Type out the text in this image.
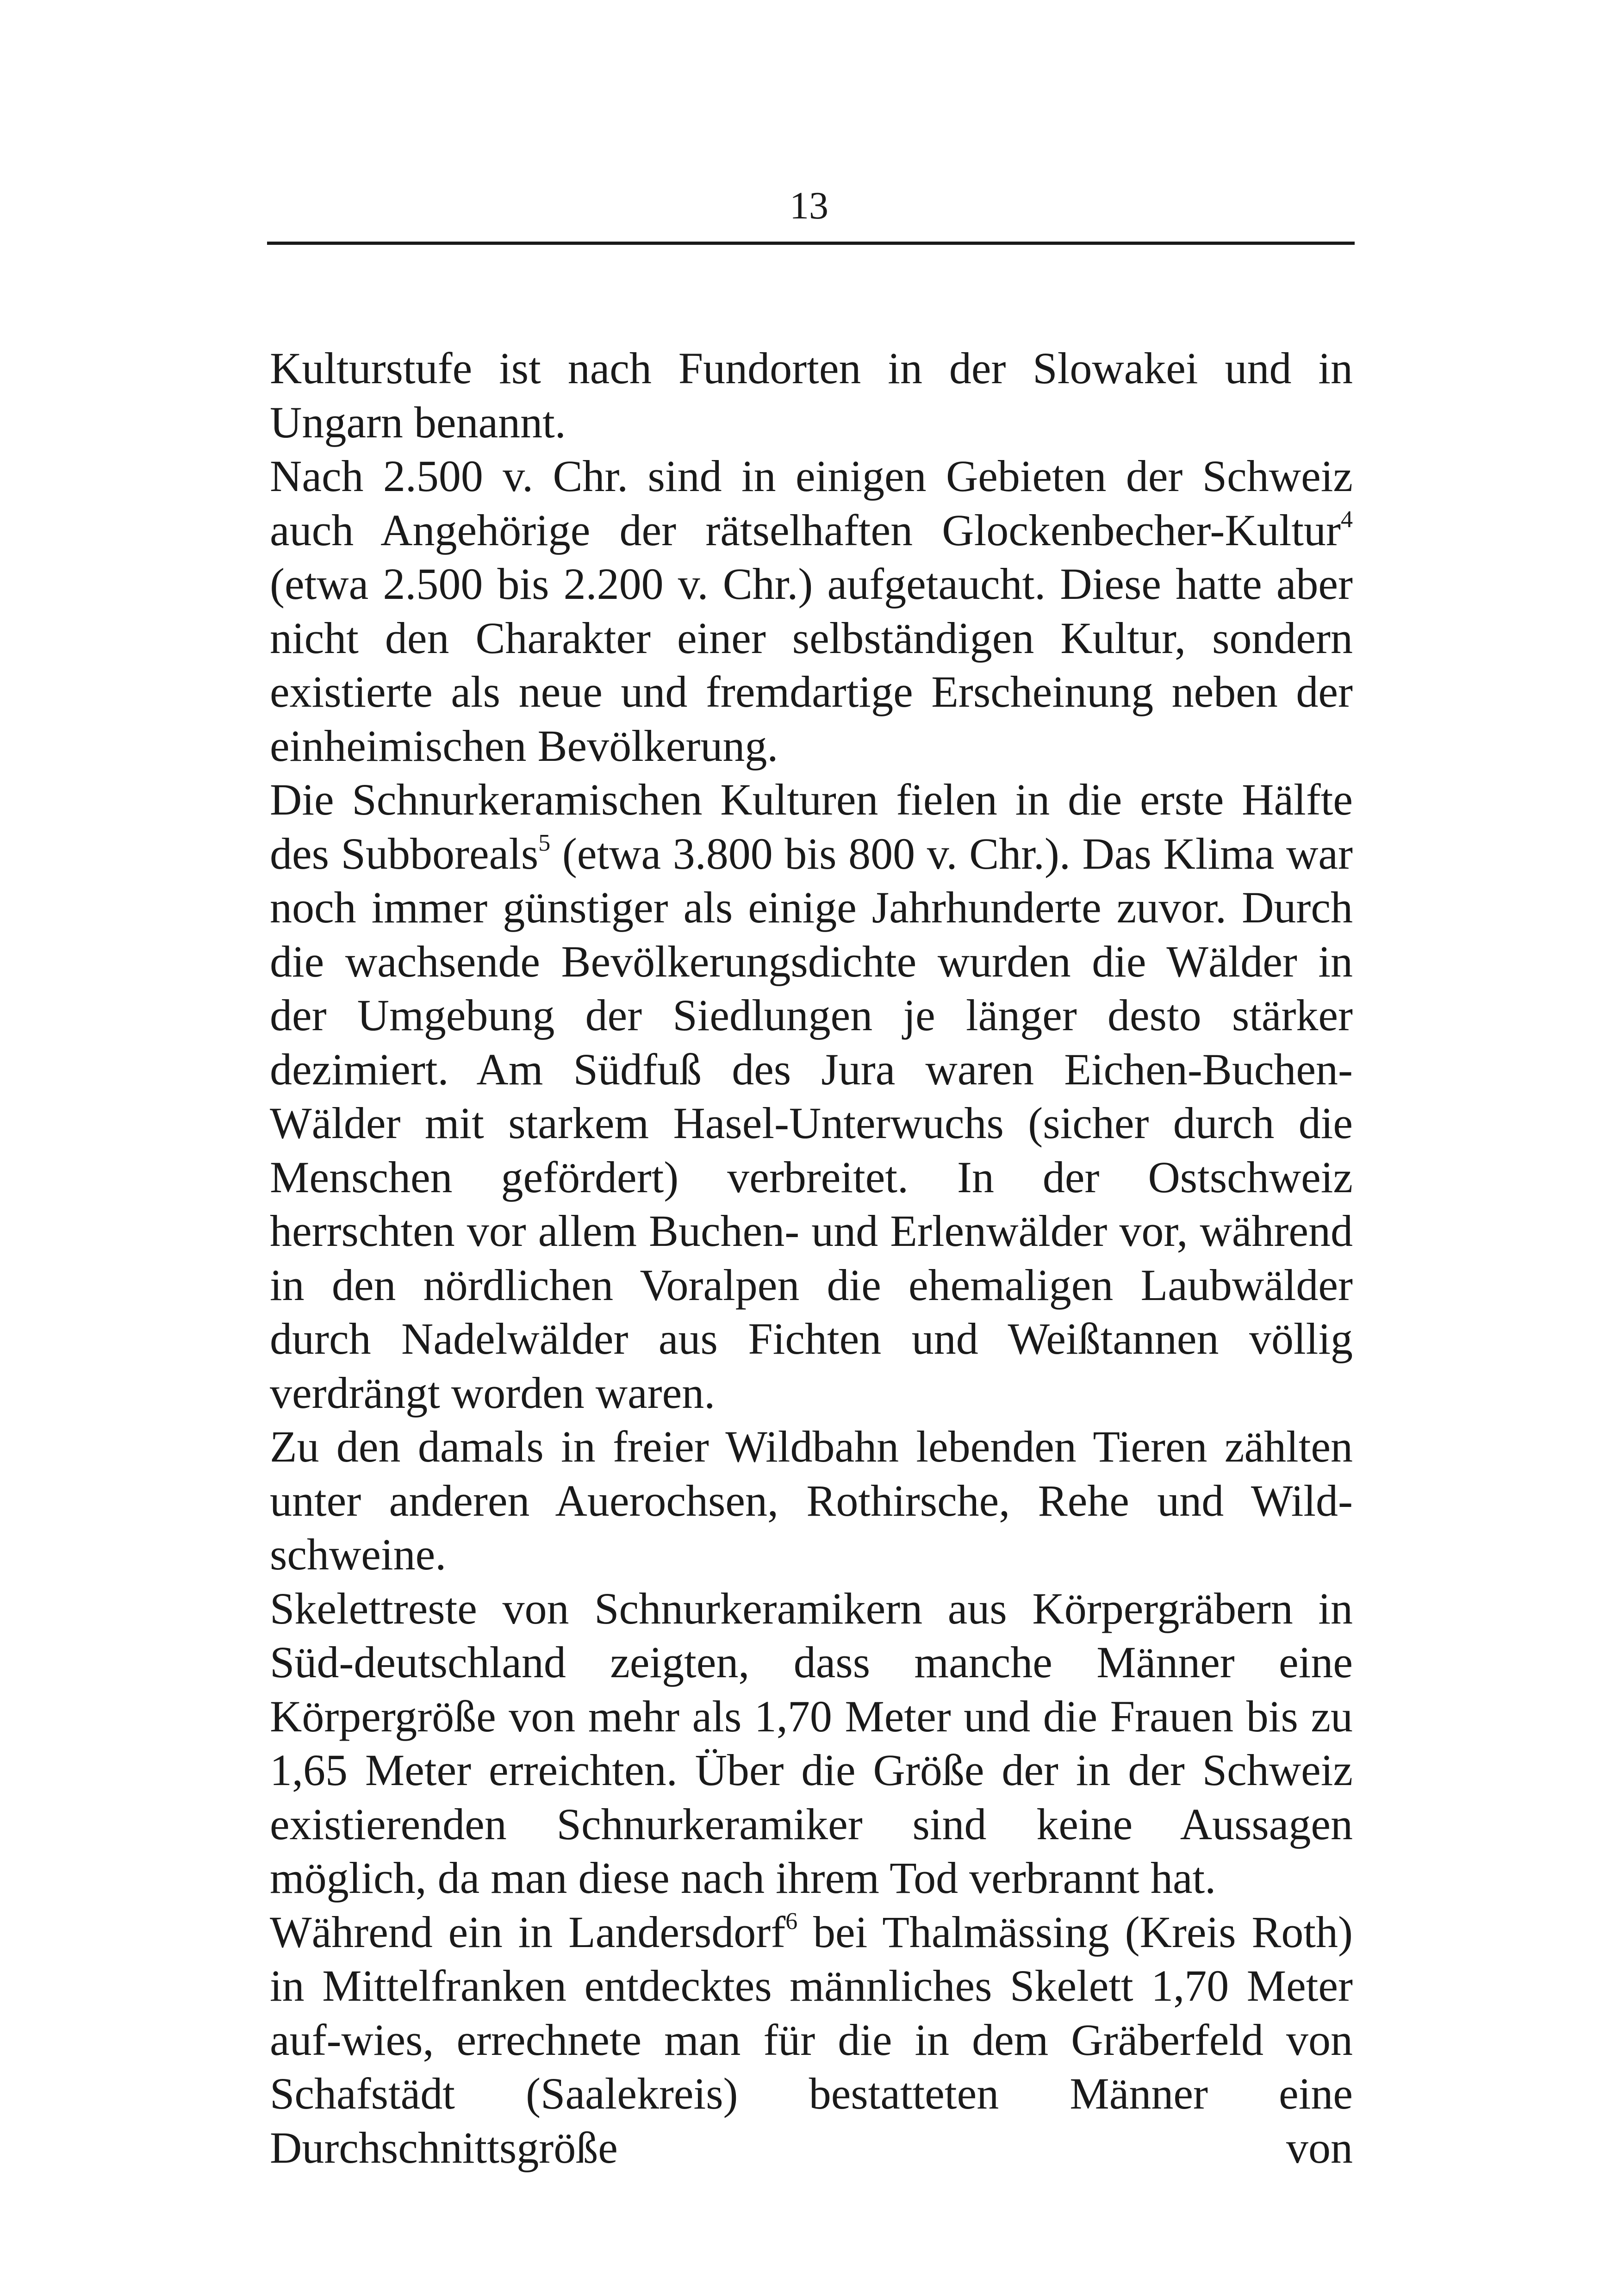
13

Kulturstufe ist nach Fundorten in der Slowakei und in Ungarn benannt.

Nach 2.500 v. Chr. sind in einigen Gebieten der Schweiz auch Angehörige der rätselhaften Glockenbecher-Kultur$^4$ (etwa 2.500 bis 2.200 v. Chr.) aufgetaucht. Diese hatte aber nicht den Charakter einer selbständigen Kultur, sondern existierte als neue und fremdartige Erscheinung neben der einheimischen Bevölkerung.

Die Schnurkeramischen Kulturen fielen in die erste Hälfte des Subboreals$^5$ (etwa 3.800 bis 800 v. Chr.). Das Klima war noch immer günstiger als einige Jahrhunderte zuvor. Durch die wachsende Bevölkerungsdichte wurden die Wälder in der Umgebung der Siedlungen je länger desto stärker dezimiert. Am Südfuß des Jura waren Eichen-Buchen-Wälder mit starkem Hasel-Unterwuchs (sicher durch die Menschen gefördert) verbreitet. In der Ostschweiz herrschten vor allem Buchen- und Erlenwälder vor, während in den nördlichen Voralpen die ehemaligen Laubwälder durch Nadelwälder aus Fichten und Weißtannen völlig verdrängt worden waren.

Zu den damals in freier Wildbahn lebenden Tieren zählten unter anderen Auerochsen, Rothirsche, Rehe und Wild-schweine.

Skelettreste von Schnurkeramikern aus Körpergräbern in Süd-deutschland zeigten, dass manche Männer eine Körpergröße von mehr als 1,70 Meter und die Frauen bis zu 1,65 Meter erreichten. Über die Größe der in der Schweiz existierenden Schnurkeramiker sind keine Aussagen möglich, da man diese nach ihrem Tod verbrannt hat.

Während ein in Landersdorf$^6$ bei Thalmässing (Kreis Roth) in Mittelfranken entdecktes männliches Skelett 1,70 Meter auf-wies, errechnete man für die in dem Gräberfeld von Schafstädt (Saalekreis) bestatteten Männer eine Durchschnittsgröße von
